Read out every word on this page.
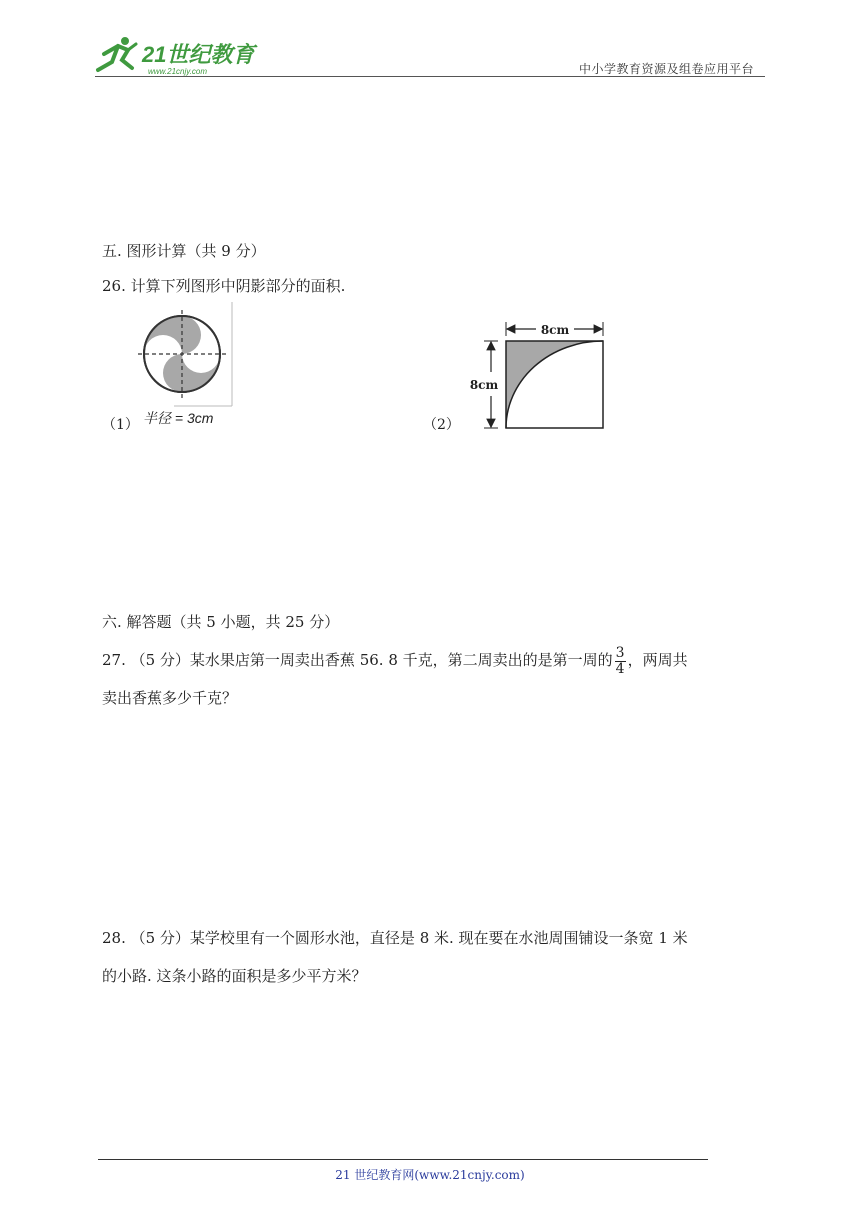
21世纪教育
www.21cnjy.com	中小学教育资源及组卷应用平台
五. 图形计算（共 9 分）
26. 计算下列图形中阴影部分的面积.
（1） 半径 = 3cm	（2）
8cm
8cm
六. 解答题（共 5 小题，共 25 分）
27. （5 分）某水果店第一周卖出香蕉 56. 8 千克，第二周卖出的是第一周的 $\frac{3}{4}$ ，两周共
卖出香蕉多少千克？
28. （5 分）某学校里有一个圆形水池，直径是 8 米. 现在要在水池周围铺设一条宽 1 米
的小路. 这条小路的面积是多少平方米？
21 世纪教育网(www.21cnjy.com)
